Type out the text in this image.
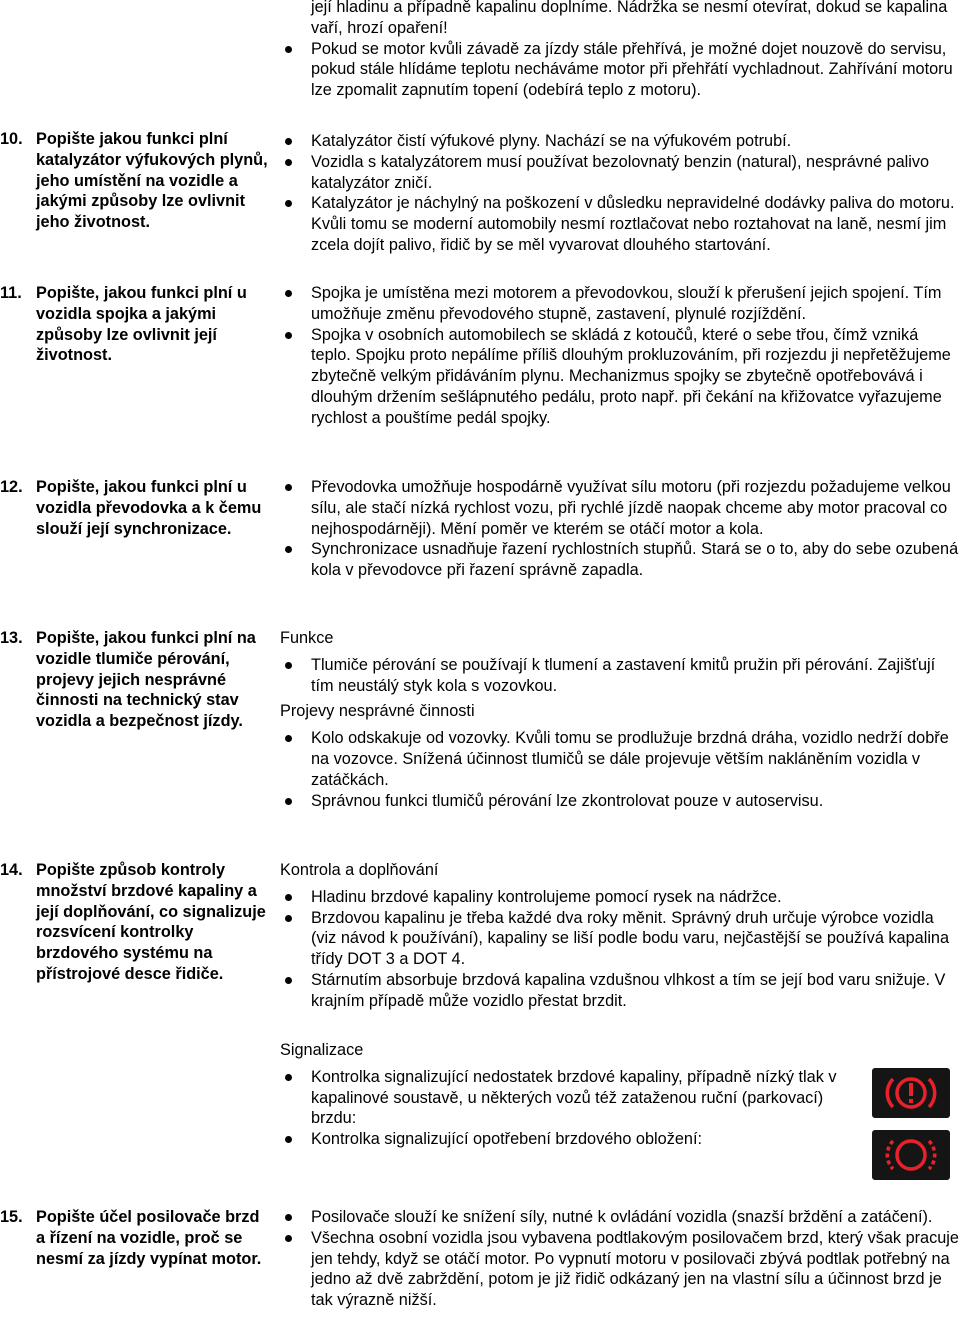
její hladinu a případně kapalinu doplníme. Nádržka se nesmí otevírat, dokud se kapalina vaří, hrozí opaření!
Pokud se motor kvůli závadě za jízdy stále přehřívá, je možné dojet nouzově do servisu, pokud stále hlídáme teplotu necháváme motor při přehřátí vychladnout. Zahřívání motoru lze zpomalit zapnutím topení (odebírá teplo z motoru).
10. Popište jakou funkci plní katalyzátor výfukových plynů, jeho umístění na vozidle a jakými způsoby lze ovlivnit jeho životnost.
Katalyzátor čistí výfukové plyny. Nachází se na výfukovém potrubí.
Vozidla s katalyzátorem musí používat bezolovnatý benzin (natural), nesprávné palivo katalyzátor zničí.
Katalyzátor je náchylný na poškození v důsledku nepravidelné dodávky paliva do motoru. Kvůli tomu se moderní automobily nesmí roztlačovat nebo roztahovat na laně, nesmí jim zcela dojít palivo, řidič by se měl vyvarovat dlouhého startování.
11. Popište, jakou funkci plní u vozidla spojka a jakými způsoby lze ovlivnit její životnost.
Spojka je umístěna mezi motorem a převodovkou, slouží k přerušení jejich spojení. Tím umožňuje změnu převodového stupně, zastavení, plynulé rozjíždění.
Spojka v osobních automobilech se skládá z kotoučů, které o sebe třou, čímž vzniká teplo. Spojku proto nepálíme příliš dlouhým prokluzováním, při rozjezdu ji nepřetěžujeme zbytečně velkým přidáváním plynu. Mechanizmus spojky se zbytečně opotřebovává i dlouhým držením sešlápnutého pedálu, proto např. při čekání na křižovatce vyřazujeme rychlost a pouštíme pedál spojky.
12. Popište, jakou funkci plní u vozidla převodovka a k čemu slouží její synchronizace.
Převodovka umožňuje hospodárně využívat sílu motoru (při rozjezdu požadujeme velkou sílu, ale stačí nízká rychlost vozu, při rychlé jízdě naopak chceme aby motor pracoval co nejhospodárněji). Mění poměr ve kterém se otáčí motor a kola.
Synchronizace usnadňuje řazení rychlostních stupňů. Stará se o to, aby do sebe ozubená kola v převodovce při řazení správně zapadla.
13. Popište, jakou funkci plní na vozidle tlumiče pérování, projevy jejich nesprávné činnosti na technický stav vozidla a bezpečnost jízdy.
Funkce
Tlumiče pérování se používají k tlumení a zastavení kmitů pružin při pérování. Zajišťují tím neustálý styk kola s vozovkou.
Projevy nesprávné činnosti
Kolo odskakuje od vozovky. Kvůli tomu se prodlužuje brzdná dráha, vozidlo nedrží dobře na vozovce. Snížená účinnost tlumičů se dále projevuje větším nakláněním vozidla v zatáčkách.
Správnou funkci tlumičů pérování lze zkontrolovat pouze v autoservisu.
14. Popište způsob kontroly množství brzdové kapaliny a její doplňování, co signalizuje rozsvícení kontrolky brzdového systému na přístrojové desce řidiče.
Kontrola a doplňování
Hladinu brzdové kapaliny kontrolujeme pomocí rysek na nádržce.
Brzdovou kapalinu je třeba každé dva roky měnit. Správný druh určuje výrobce vozidla (viz návod k používání), kapaliny se liší podle bodu varu, nejčastější se používá kapalina třídy DOT 3 a DOT 4.
Stárnutím absorbuje brzdová kapalina vzdušnou vlhkost a tím se její bod varu snižuje. V krajním případě může vozidlo přestat brzdit.
Signalizace
Kontrolka signalizující nedostatek brzdové kapaliny, případně nízký tlak v kapalinové soustavě, u některých vozů též zataženou ruční (parkovací) brzdu:
Kontrolka signalizující opotřebení brzdového obložení:
15. Popište účel posilovače brzd a řízení na vozidle, proč se nesmí za jízdy vypínat motor.
Posilovače slouží ke snížení síly, nutné k ovládání vozidla (snazší brždění a zatáčení).
Všechna osobní vozidla jsou vybavena podtlakovým posilovačem brzd, který však pracuje jen tehdy, když se otáčí motor. Po vypnutí motoru v posilovači zbývá podtlak potřebný na jedno až dvě zabrždění, potom je již řidič odkázaný jen na vlastní sílu a účinnost brzd je tak výrazně nižší.
